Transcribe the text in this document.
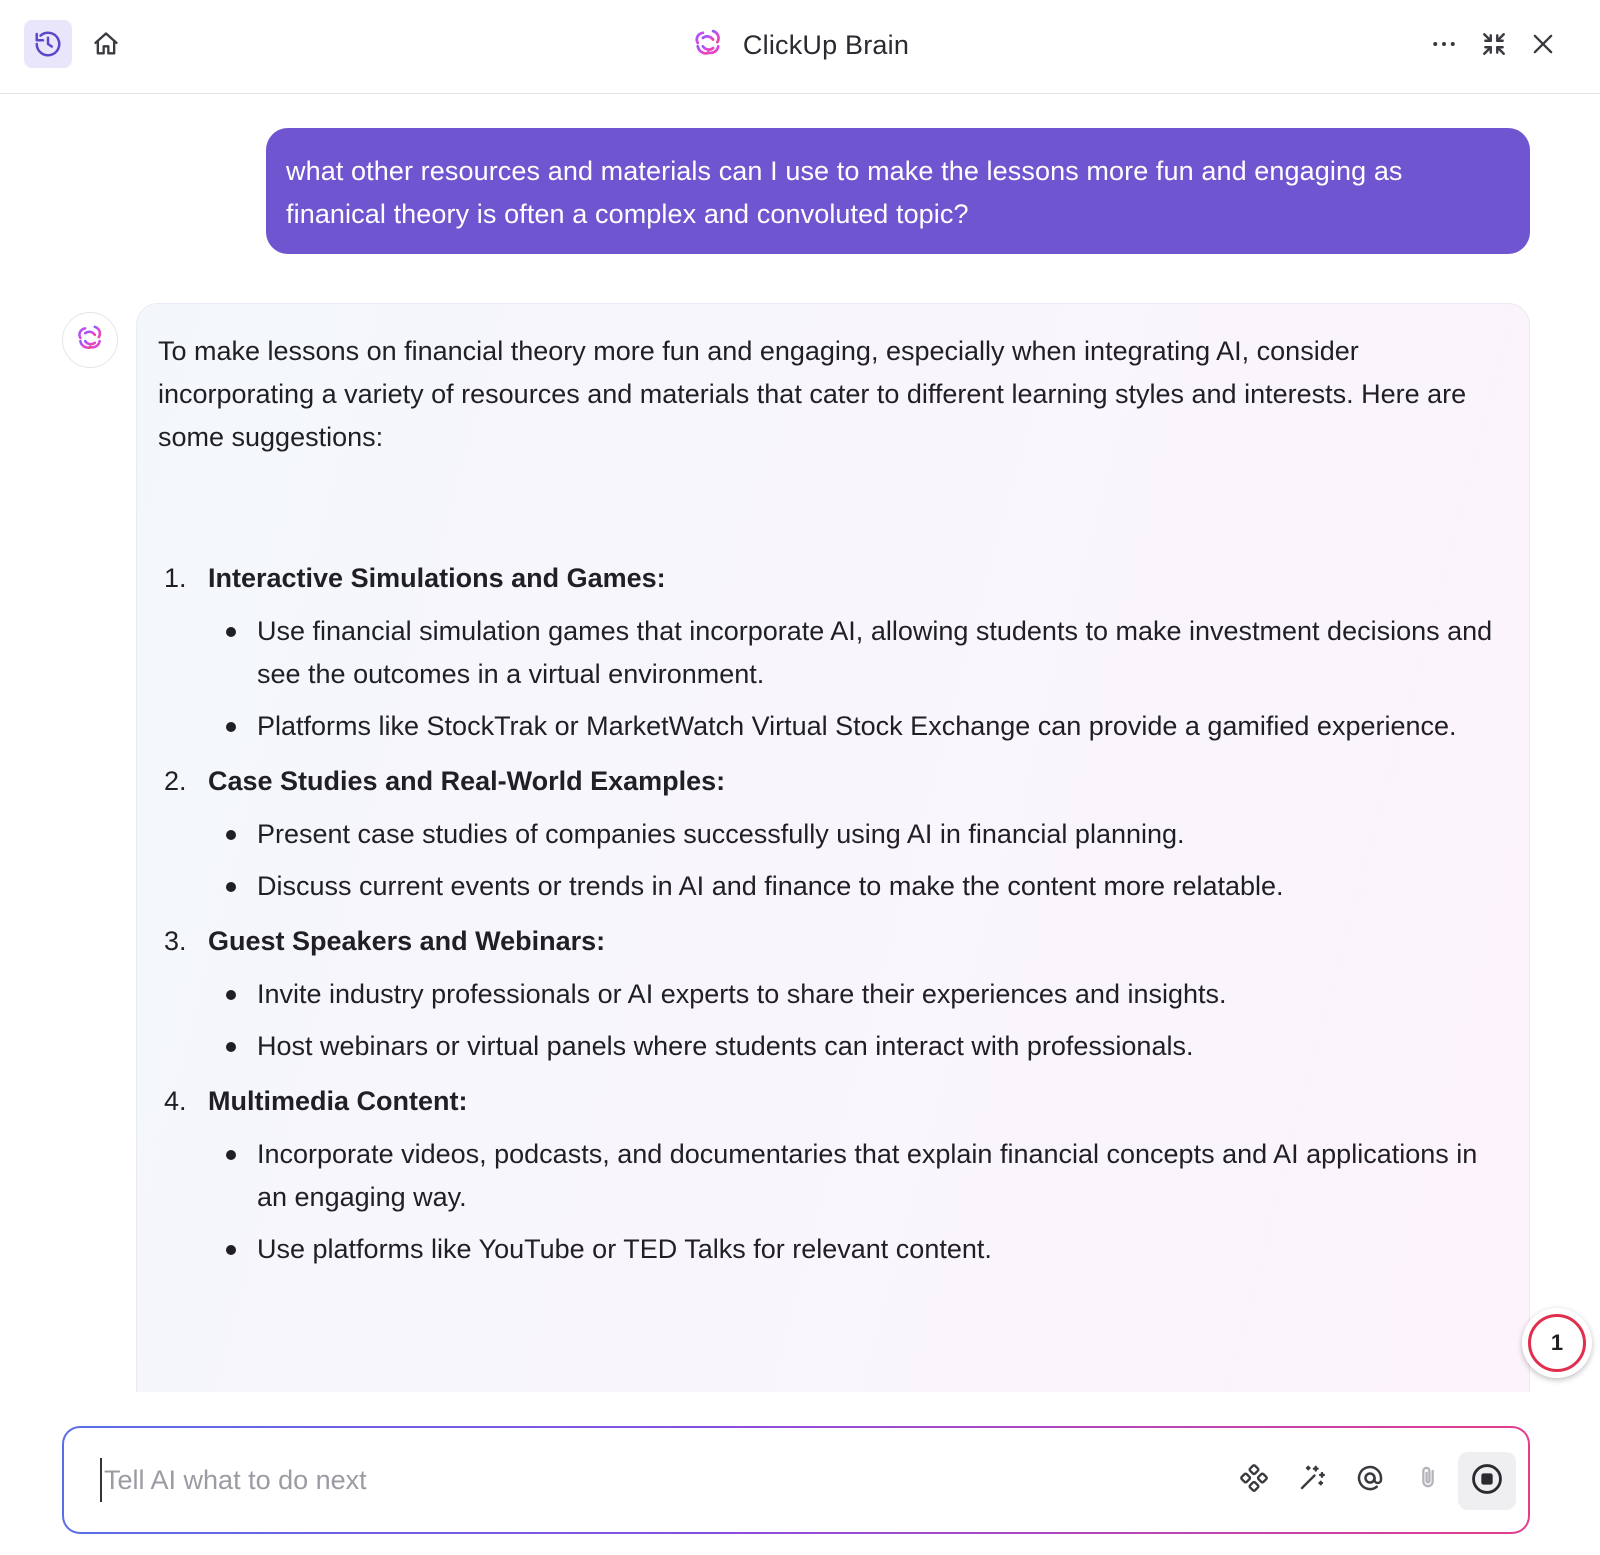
ClickUp Brain
what other resources and materials can I use to make the lessons more fun and engaging as finanical theory is often a complex and convoluted topic?
To make lessons on financial theory more fun and engaging, especially when integrating AI, consider incorporating a variety of resources and materials that cater to different learning styles and interests. Here are some suggestions:
1. Interactive Simulations and Games:
Use financial simulation games that incorporate AI, allowing students to make investment decisions and see the outcomes in a virtual environment.
Platforms like StockTrak or MarketWatch Virtual Stock Exchange can provide a gamified experience.
2. Case Studies and Real-World Examples:
Present case studies of companies successfully using AI in financial planning.
Discuss current events or trends in AI and finance to make the content more relatable.
3. Guest Speakers and Webinars:
Invite industry professionals or AI experts to share their experiences and insights.
Host webinars or virtual panels where students can interact with professionals.
4. Multimedia Content:
Incorporate videos, podcasts, and documentaries that explain financial concepts and AI applications in an engaging way.
Use platforms like YouTube or TED Talks for relevant content.
1
Tell AI what to do next
